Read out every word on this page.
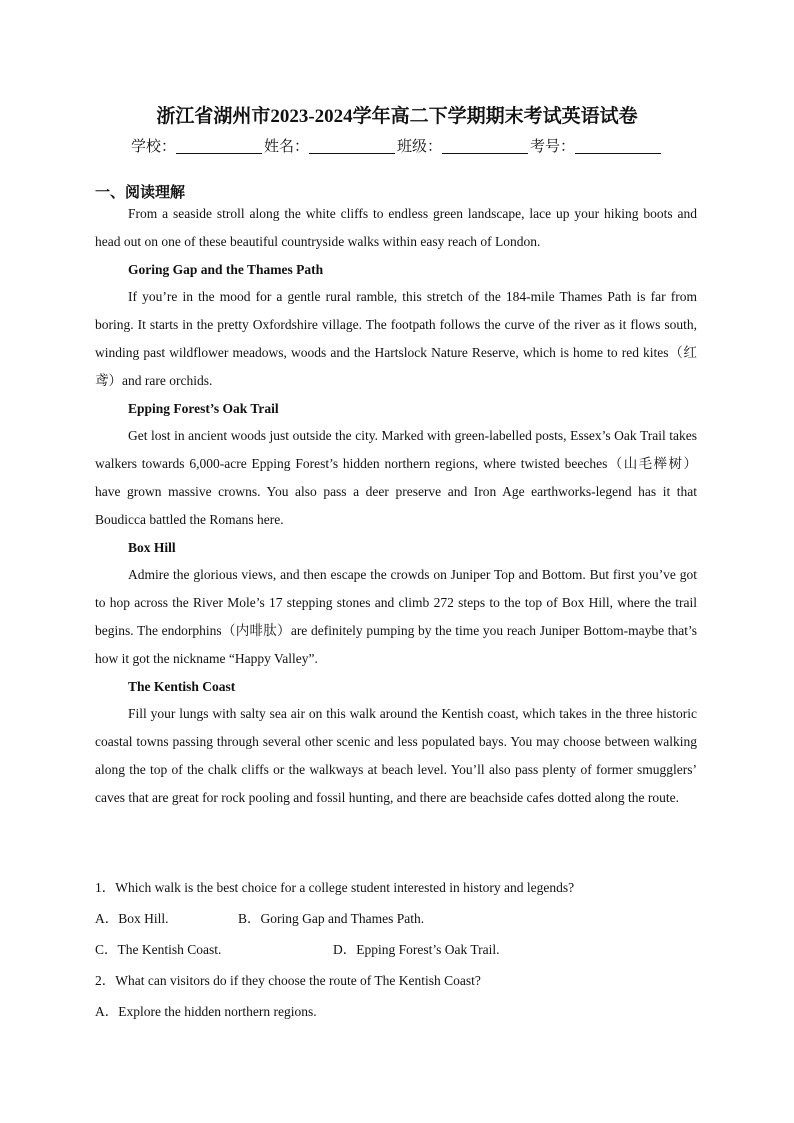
浙江省湖州市2023-2024学年高二下学期期末考试英语试卷
学校：	姓名：	班级：	考号：
一、阅读理解

From a seaside stroll along the white cliffs to endless green landscape, lace up your hiking boots and head out on one of these beautiful countryside walks within easy reach of London.

Goring Gap and the Thames Path

If you’re in the mood for a gentle rural ramble, this stretch of the 184-mile Thames Path is far from boring. It starts in the pretty Oxfordshire village. The footpath follows the curve of the river as it flows south, winding past wildflower meadows, woods and the Hartslock Nature Reserve, which is home to red kites（红鸢）and rare orchids.

Epping Forest’s Oak Trail

Get lost in ancient woods just outside the city. Marked with green-labelled posts, Essex’s Oak Trail takes walkers towards 6,000-acre Epping Forest’s hidden northern regions, where twisted beeches（山毛榉树）have grown massive crowns. You also pass a deer preserve and Iron Age earthworks-legend has it that Boudicca battled the Romans here.

Box Hill

Admire the glorious views, and then escape the crowds on Juniper Top and Bottom. But first you’ve got to hop across the River Mole’s 17 stepping stones and climb 272 steps to the top of Box Hill, where the trail begins. The endorphins（内啡肽）are definitely pumping by the time you reach Juniper Bottom-maybe that’s how it got the nickname “Happy Valley”.

The Kentish Coast

Fill your lungs with salty sea air on this walk around the Kentish coast, which takes in the three historic coastal towns passing through several other scenic and less populated bays. You may choose between walking along the top of the chalk cliffs or the walkways at beach level. You’ll also pass plenty of former smugglers’ caves that are great for rock pooling and fossil hunting, and there are beachside cafes dotted along the route.

1．Which walk is the best choice for a college student interested in history and legends?
A．Box Hill.	B．Goring Gap and Thames Path.
C．The Kentish Coast.	D．Epping Forest’s Oak Trail.
2．What can visitors do if they choose the route of The Kentish Coast?
A．Explore the hidden northern regions.
